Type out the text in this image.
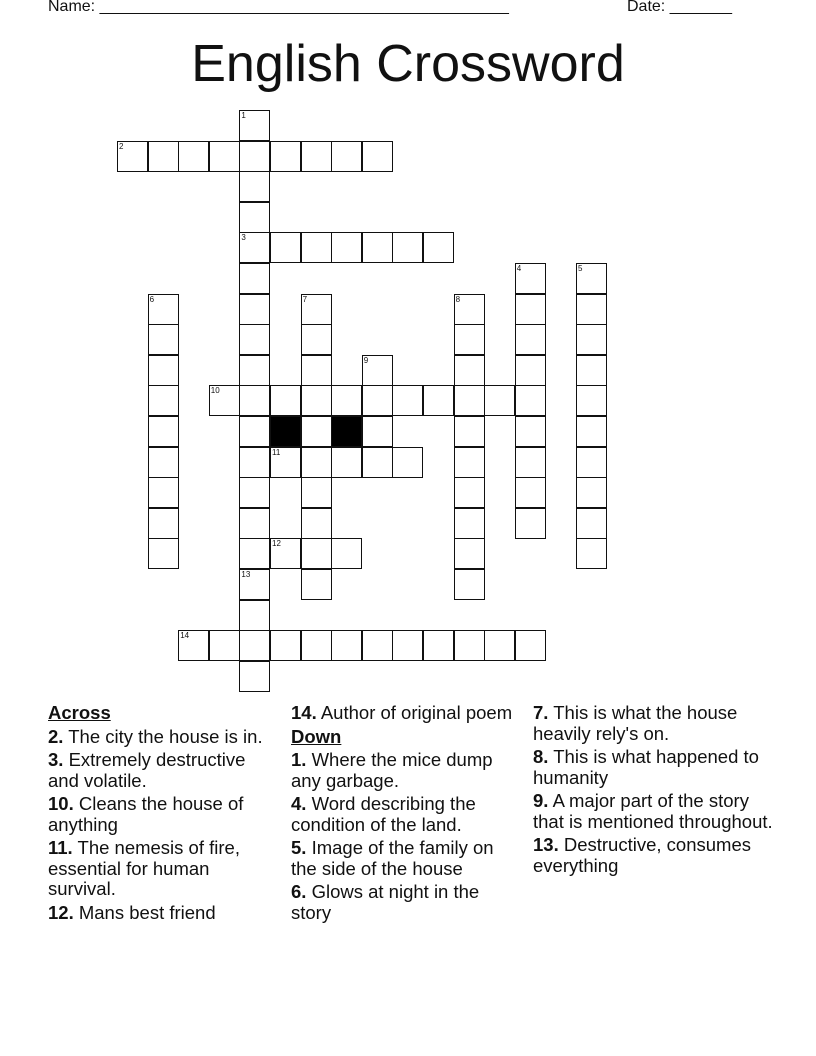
Name: ______________________________________________	Date: _______
English Crossword
1
3
13
2
4	5
6	7	8
9
10
11
12
14
Across
2. The city the house is in.
3. Extremely destructive and volatile.
10. Cleans the house of anything
11. The nemesis of fire, essential for human survival.
12. Mans best friend
14. Author of original poem
Down
1. Where the mice dump any garbage.
4. Word describing the condition of the land.
5. Image of the family on the side of the house
6. Glows at night in the story
7. This is what the house heavily rely's on.
8. This is what happened to humanity
9. A major part of the story that is mentioned throughout.
13. Destructive, consumes everything
